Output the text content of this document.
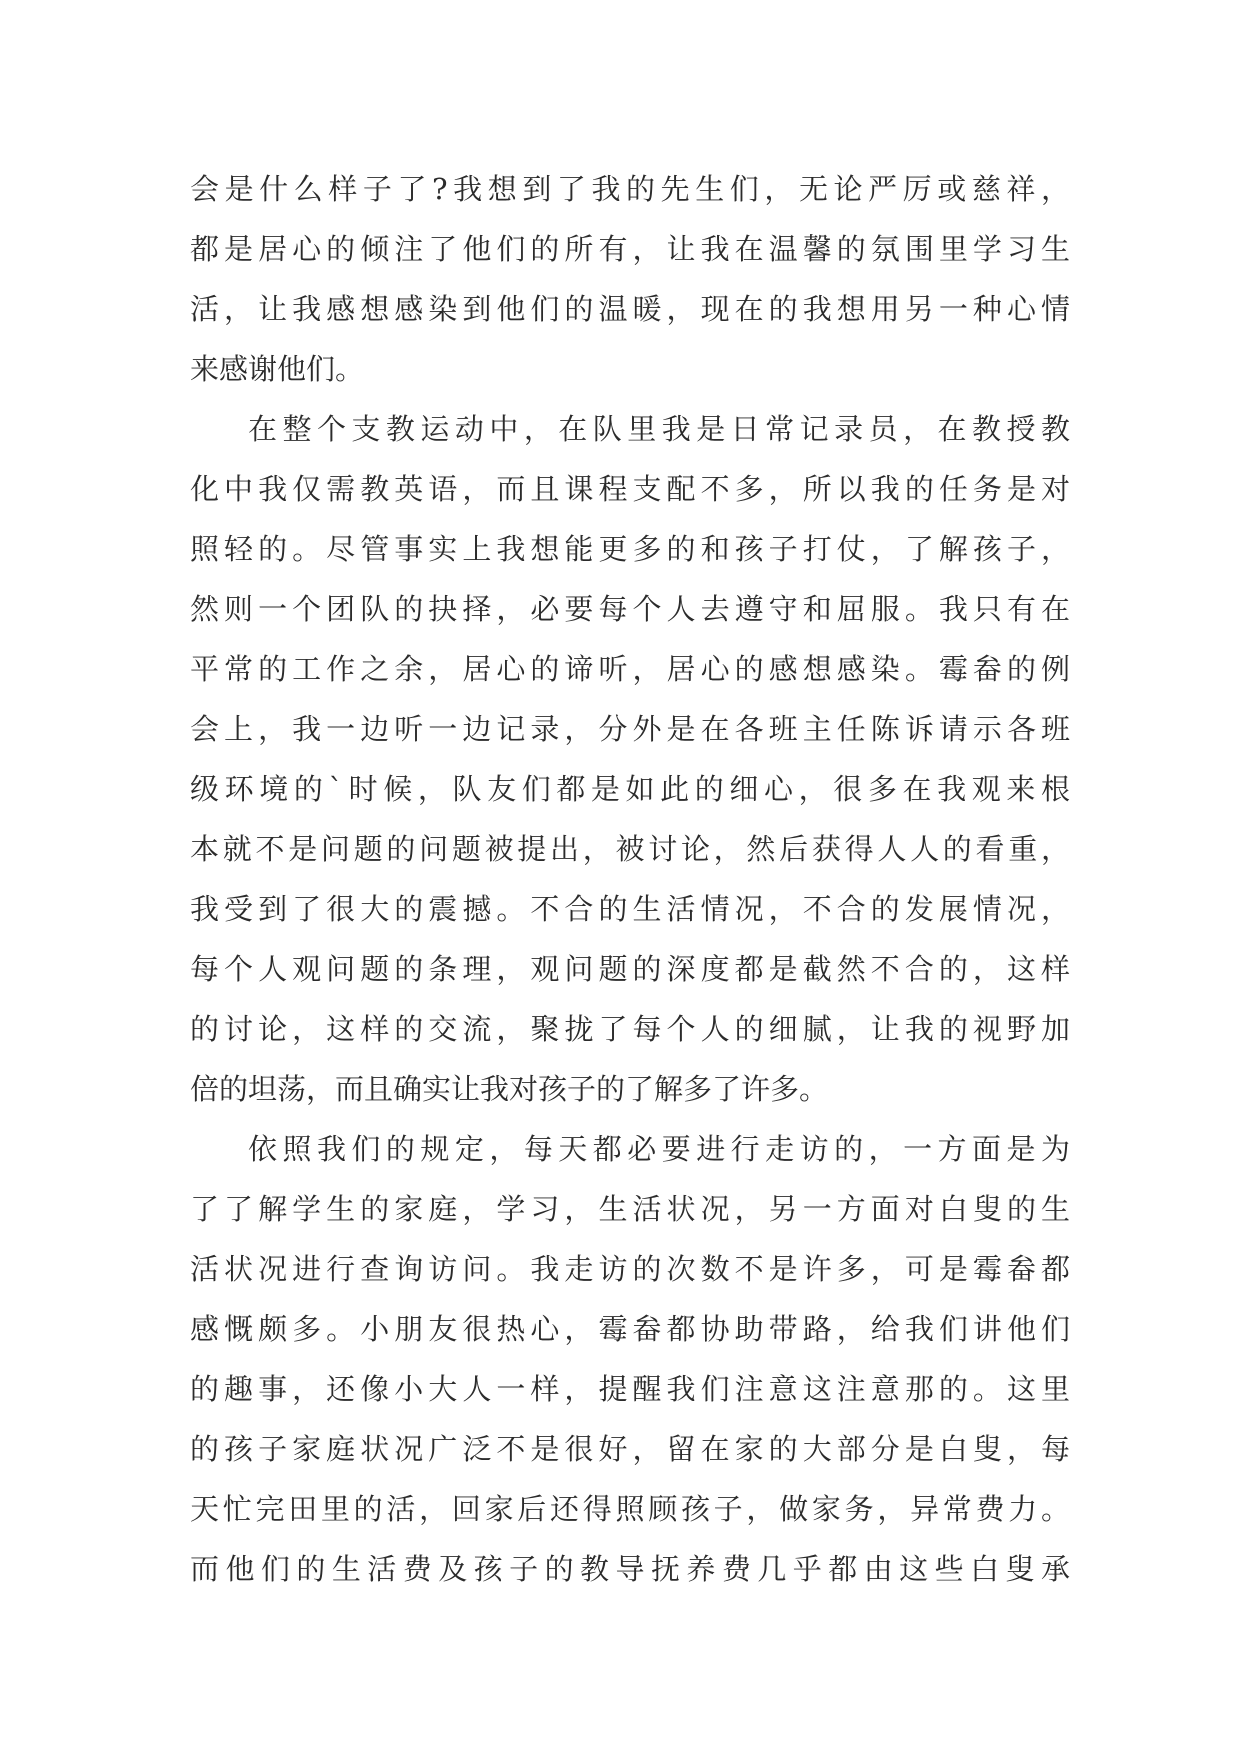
会是什么样子了?我想到了我的先生们，无论严厉或慈祥，
都是居心的倾注了他们的所有，让我在温馨的氛围里学习生
活，让我感想感染到他们的温暖，现在的我想用另一种心情
来感谢他们。
在整个支教运动中，在队里我是日常记录员，在教授教
化中我仅需教英语，而且课程支配不多，所以我的任务是对
照轻的。尽管事实上我想能更多的和孩子打仗，了解孩子，
然则一个团队的抉择，必要每个人去遵守和屈服。我只有在
平常的工作之余，居心的谛听，居心的感想感染。霉畚的例
会上，我一边听一边记录，分外是在各班主任陈诉请示各班
级环境的`时候，队友们都是如此的细心，很多在我观来根
本就不是问题的问题被提出，被讨论，然后获得人人的看重，
我受到了很大的震撼。不合的生活情况，不合的发展情况，
每个人观问题的条理，观问题的深度都是截然不合的，这样
的讨论，这样的交流，聚拢了每个人的细腻，让我的视野加
倍的坦荡，而且确实让我对孩子的了解多了许多。
依照我们的规定，每天都必要进行走访的，一方面是为
了了解学生的家庭，学习，生活状况，另一方面对白叟的生
活状况进行查询访问。我走访的次数不是许多，可是霉畚都
感慨颇多。小朋友很热心，霉畚都协助带路，给我们讲他们
的趣事，还像小大人一样，提醒我们注意这注意那的。这里
的孩子家庭状况广泛不是很好，留在家的大部分是白叟，每
天忙完田里的活，回家后还得照顾孩子，做家务，异常费力。
而他们的生活费及孩子的教导抚养费几乎都由这些白叟承
